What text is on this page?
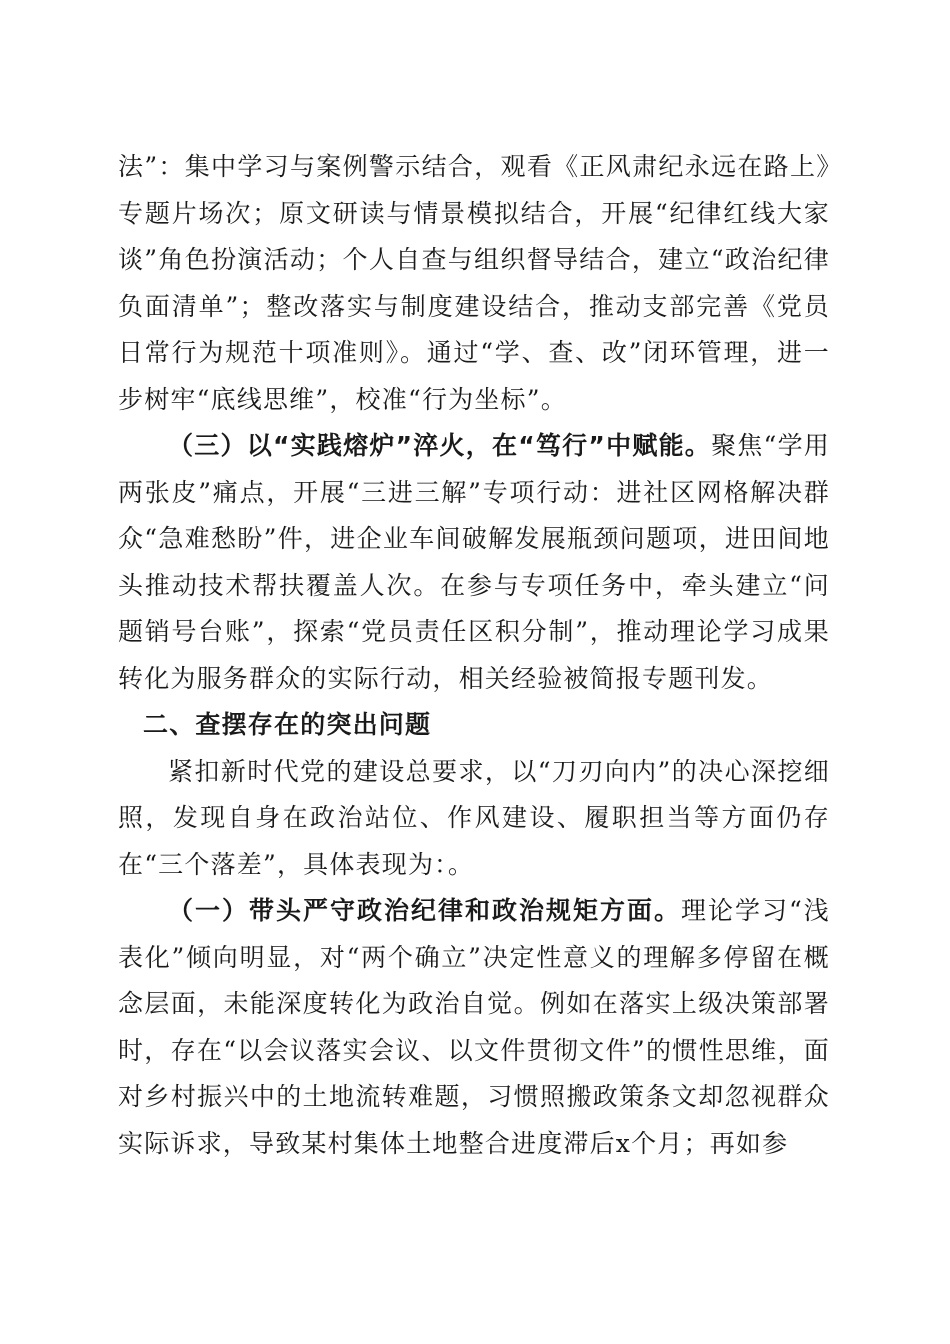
法”：集中学习与案例警示结合，观看《正风肃纪永远在路上》专题片场次；原文研读与情景模拟结合，开展“纪律红线大家谈”角色扮演活动；个人自查与组织督导结合，建立“政治纪律负面清单”；整改落实与制度建设结合，推动支部完善《党员日常行为规范十项准则》。通过“学、查、改”闭环管理，进一步树牢“底线思维”，校准“行为坐标”。

（三）以“实践熔炉”淬火，在“笃行”中赋能。聚焦“学用两张皮”痛点，开展“三进三解”专项行动：进社区网格解决群众“急难愁盼”件，进企业车间破解发展瓶颈问题项，进田间地头推动技术帮扶覆盖人次。在参与专项任务中，牵头建立“问题销号台账”，探索“党员责任区积分制”，推动理论学习成果转化为服务群众的实际行动，相关经验被简报专题刊发。

二、查摆存在的突出问题

紧扣新时代党的建设总要求，以“刀刃向内”的决心深挖细照，发现自身在政治站位、作风建设、履职担当等方面仍存在“三个落差”，具体表现为：。

（一）带头严守政治纪律和政治规矩方面。理论学习“浅表化”倾向明显，对“两个确立”决定性意义的理解多停留在概念层面，未能深度转化为政治自觉。例如在落实上级决策部署时，存在“以会议落实会议、以文件贯彻文件”的惯性思维，面对乡村振兴中的土地流转难题，习惯照搬政策条文却忽视群众实际诉求，导致某村集体土地整合进度滞后x个月；再如参
